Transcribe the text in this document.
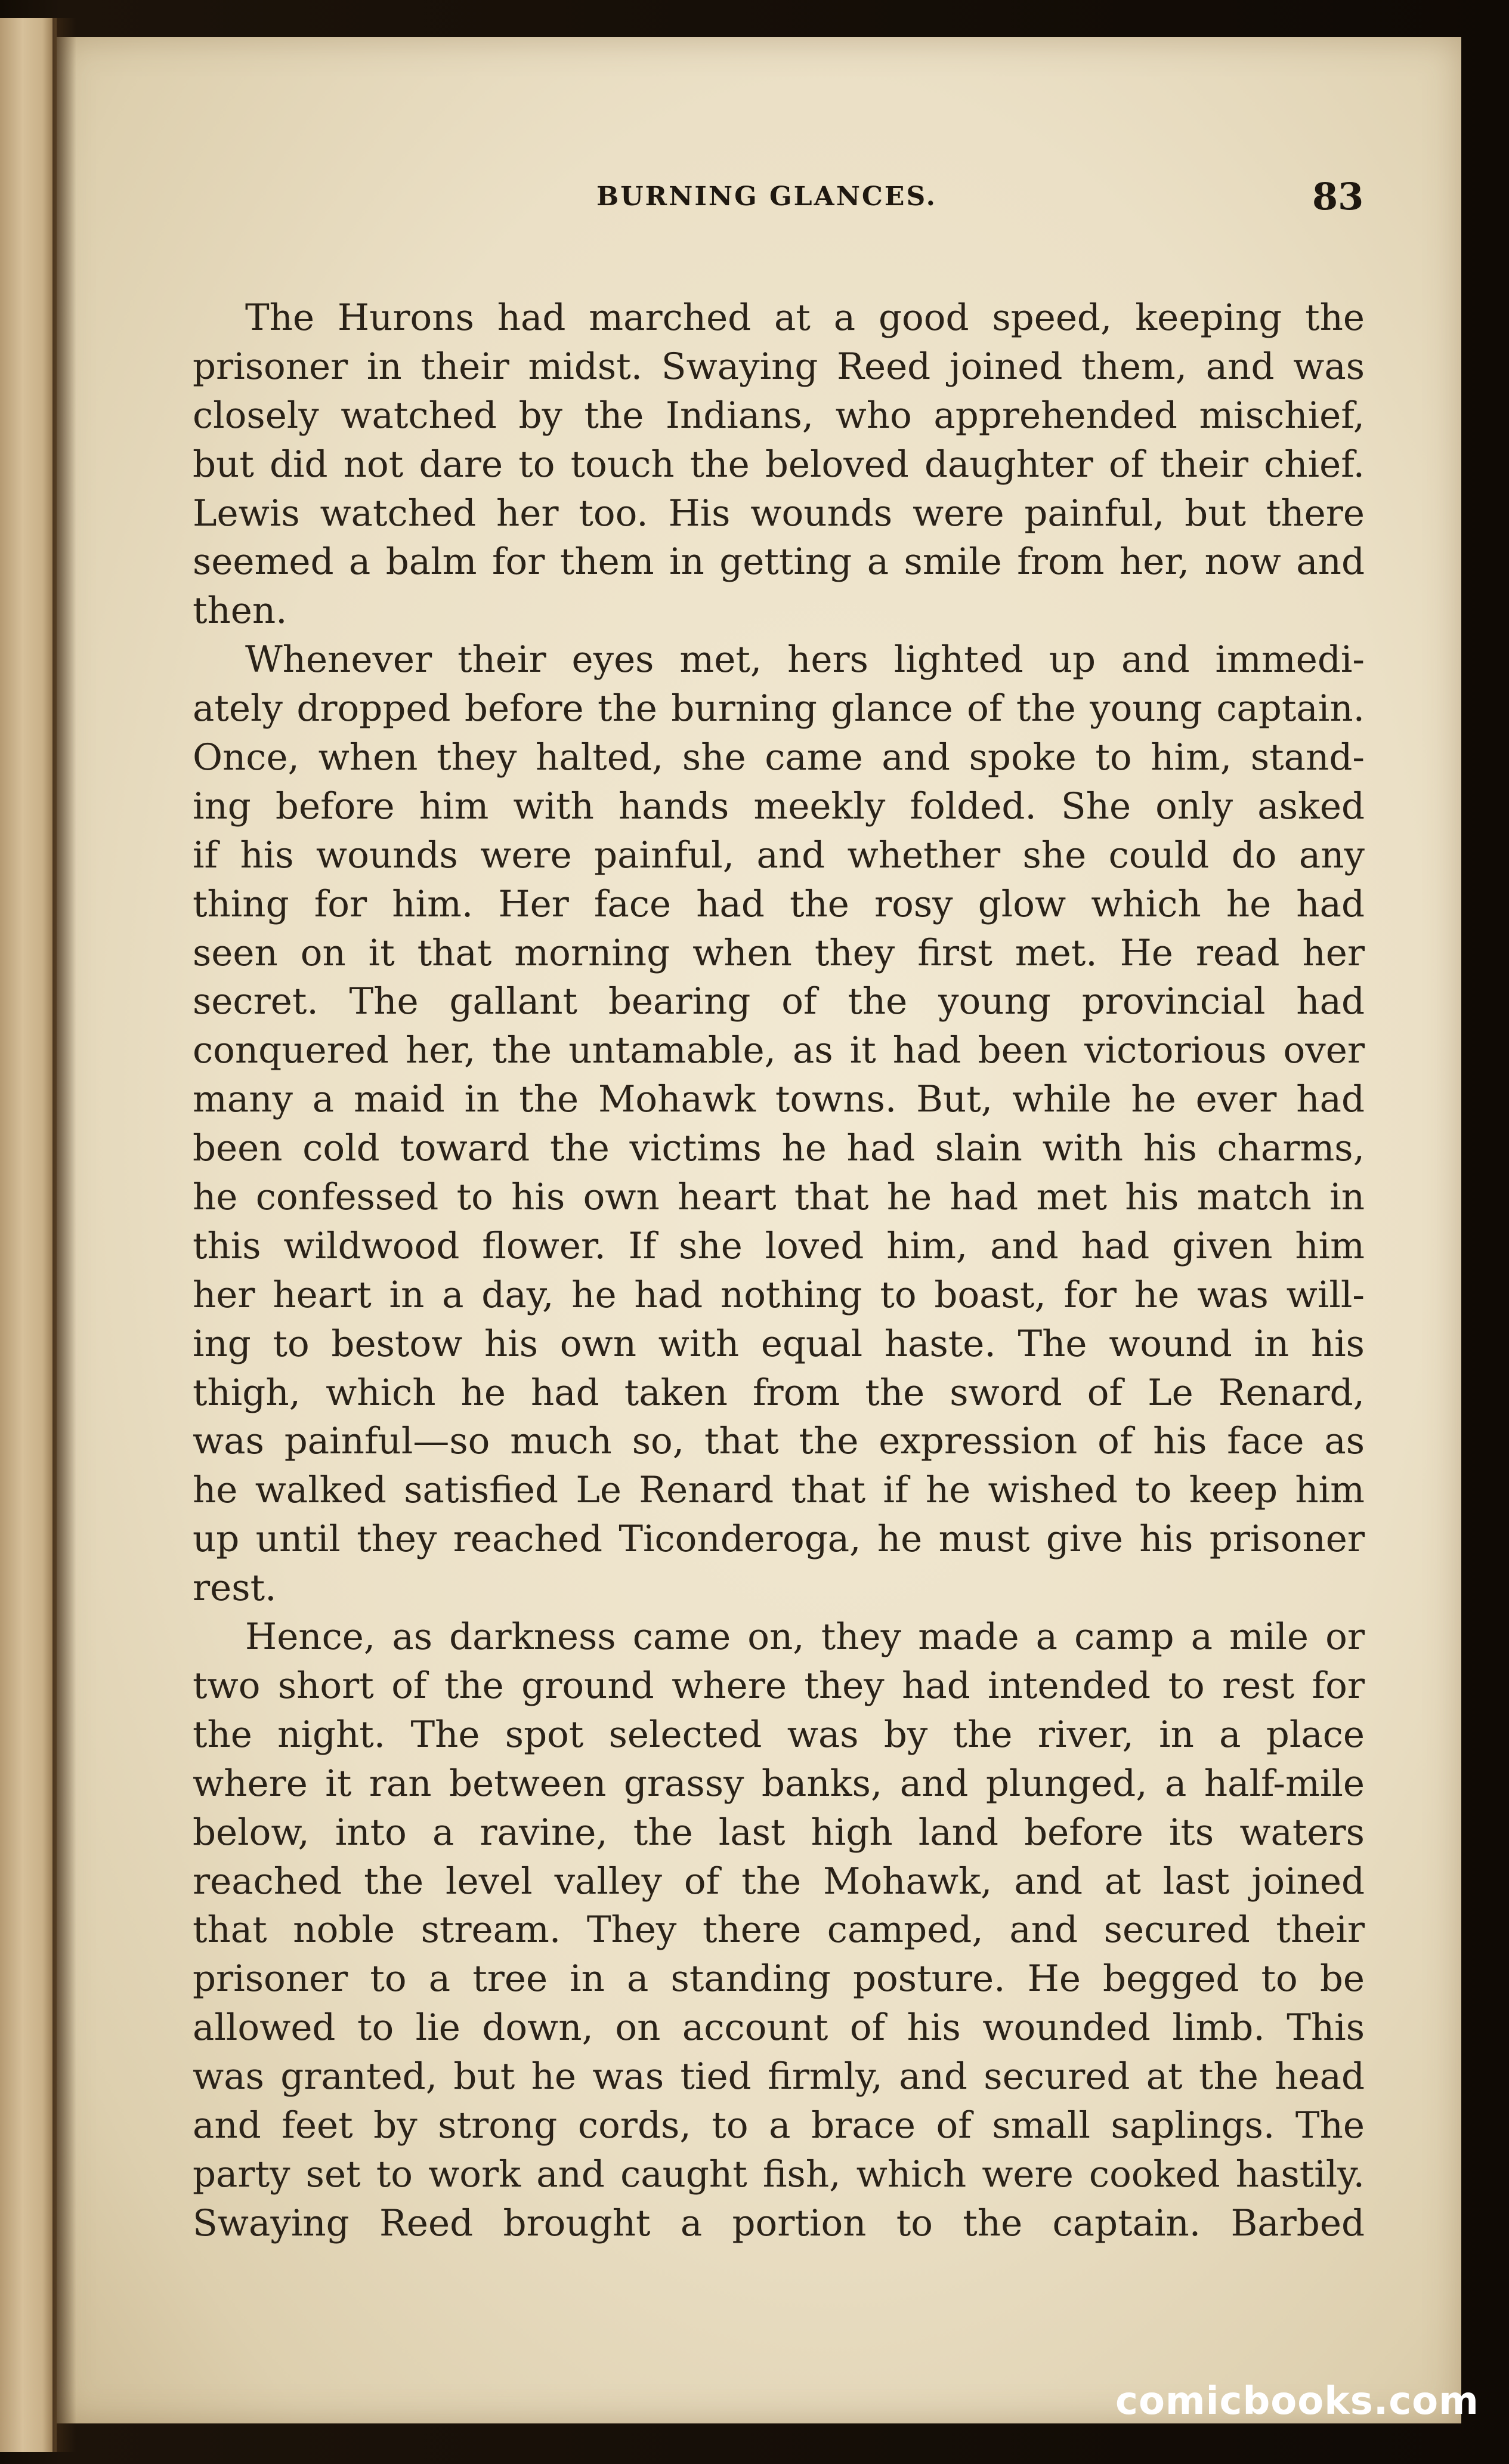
BURNING GLANCES.	83
The Hurons had marched at a good speed, keeping the
prisoner in their midst. Swaying Reed joined them, and was
closely watched by the Indians, who apprehended mischief,
but did not dare to touch the beloved daughter of their chief.
Lewis watched her too. His wounds were painful, but there
seemed a balm for them in getting a smile from her, now and
then.
Whenever their eyes met, hers lighted up and immedi-
ately dropped before the burning glance of the young captain.
Once, when they halted, she came and spoke to him, stand-
ing before him with hands meekly folded. She only asked
if his wounds were painful, and whether she could do any
thing for him. Her face had the rosy glow which he had
seen on it that morning when they first met. He read her
secret. The gallant bearing of the young provincial had
conquered her, the untamable, as it had been victorious over
many a maid in the Mohawk towns. But, while he ever had
been cold toward the victims he had slain with his charms,
he confessed to his own heart that he had met his match in
this wildwood flower. If she loved him, and had given him
her heart in a day, he had nothing to boast, for he was will-
ing to bestow his own with equal haste. The wound in his
thigh, which he had taken from the sword of Le Renard,
was painful—so much so, that the expression of his face as
he walked satisfied Le Renard that if he wished to keep him
up until they reached Ticonderoga, he must give his prisoner
rest.
Hence, as darkness came on, they made a camp a mile or
two short of the ground where they had intended to rest for
the night. The spot selected was by the river, in a place
where it ran between grassy banks, and plunged, a half-mile
below, into a ravine, the last high land before its waters
reached the level valley of the Mohawk, and at last joined
that noble stream. They there camped, and secured their
prisoner to a tree in a standing posture. He begged to be
allowed to lie down, on account of his wounded limb. This
was granted, but he was tied firmly, and secured at the head
and feet by strong cords, to a brace of small saplings. The
party set to work and caught fish, which were cooked hastily.
Swaying Reed brought a portion to the captain. Barbed
comicbooks.com
